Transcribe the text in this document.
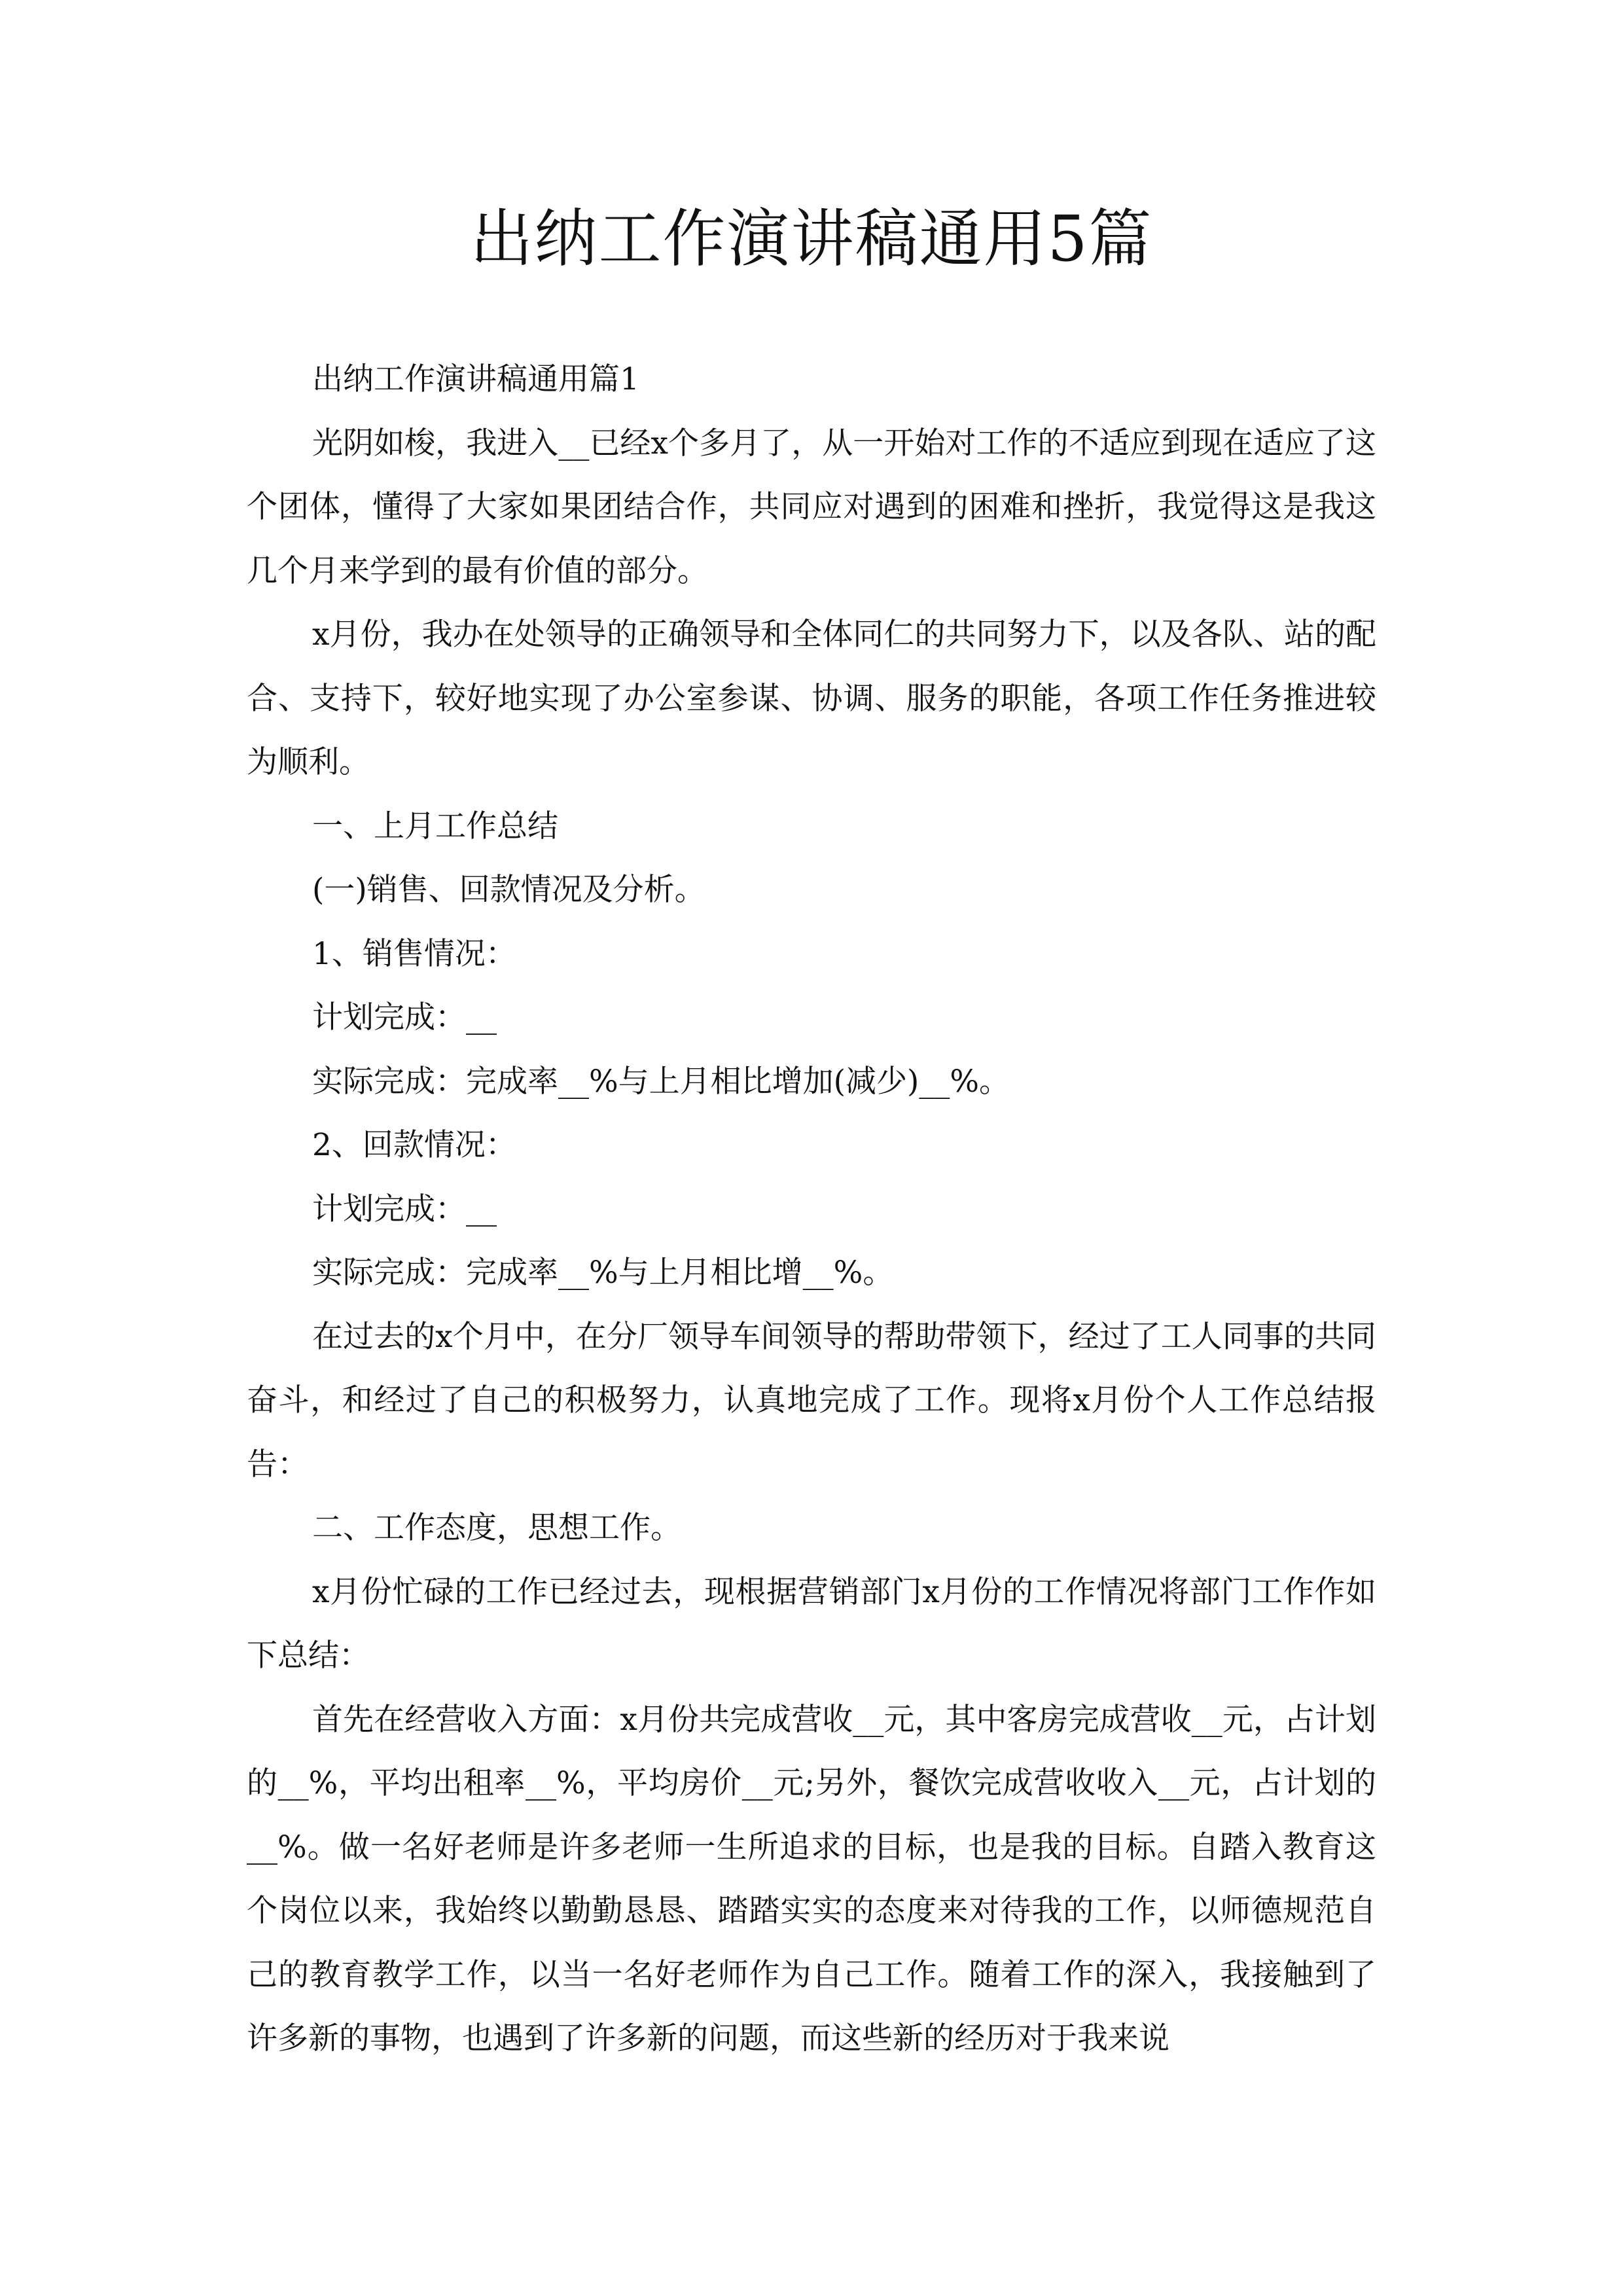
出纳工作演讲稿通用5篇

出纳工作演讲稿通用篇1

光阴如梭，我进入__已经x个多月了，从一开始对工作的不适应到现在适应了这个团体，懂得了大家如果团结合作，共同应对遇到的困难和挫折，我觉得这是我这几个月来学到的最有价值的部分。

x月份，我办在处领导的正确领导和全体同仁的共同努力下，以及各队、站的配合、支持下，较好地实现了办公室参谋、协调、服务的职能，各项工作任务推进较为顺利。

一、上月工作总结

(一)销售、回款情况及分析。

1、销售情况：

计划完成：__

实际完成：完成率__%与上月相比增加(减少)__%。

2、回款情况：

计划完成：__

实际完成：完成率__%与上月相比增__%。

在过去的x个月中，在分厂领导车间领导的帮助带领下，经过了工人同事的共同奋斗，和经过了自己的积极努力，认真地完成了工作。现将x月份个人工作总结报告：

二、工作态度，思想工作。

x月份忙碌的工作已经过去，现根据营销部门x月份的工作情况将部门工作作如下总结：

首先在经营收入方面：x月份共完成营收__元，其中客房完成营收__元，占计划的__%，平均出租率__%，平均房价__元;另外，餐饮完成营收收入__元，占计划的__%。做一名好老师是许多老师一生所追求的目标，也是我的目标。自踏入教育这个岗位以来，我始终以勤勤恳恳、踏踏实实的态度来对待我的工作，以师德规范自己的教育教学工作，以当一名好老师作为自己工作。随着工作的深入，我接触到了许多新的事物，也遇到了许多新的问题，而这些新的经历对于我来说
